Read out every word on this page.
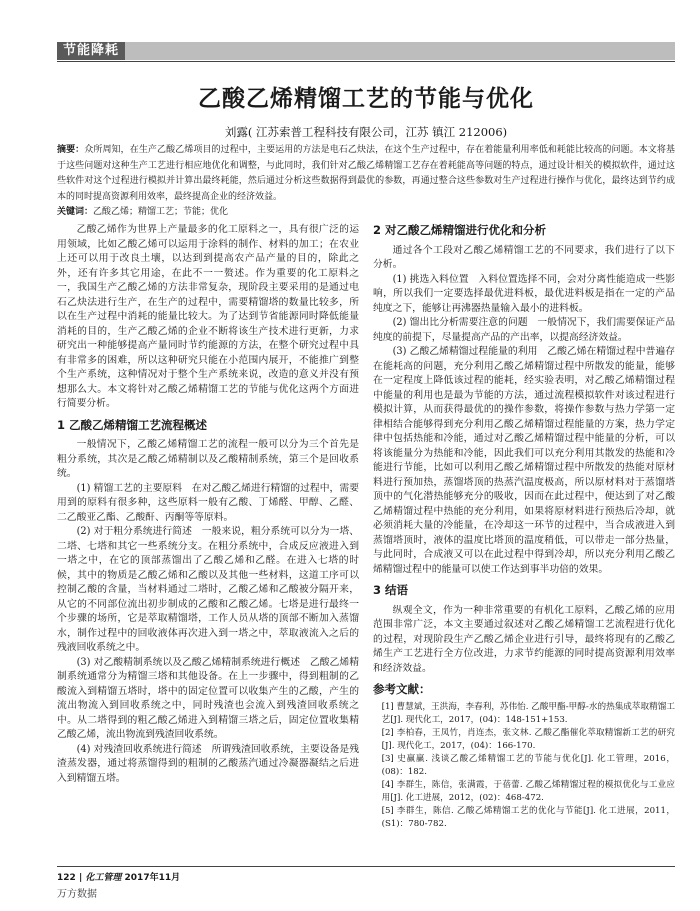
节能降耗
乙酸乙烯精馏工艺的节能与优化
刘露( 江苏索普工程科技有限公司，江苏 镇江 212006)
摘要：众所周知，在生产乙酸乙烯项目的过程中，主要运用的方法是电石乙炔法，在这个生产过程中，存在着能量利用率低和耗能比较高的问题。本文将基于这些问题对这种生产工艺进行相应地优化和调整，与此同时，我们针对乙酸乙烯精馏工艺存在着耗能高等问题的特点，通过设计相关的模拟软件，通过这些软件对这个过程进行模拟并计算出最终耗能，然后通过分析这些数据得到最优的参数，再通过整合这些参数对生产过程进行操作与优化，最终达到节约成本的同时提高资源利用效率，最终提高企业的经济效益。
关键词：乙酸乙烯；精馏工艺；节能；优化

乙酸乙烯作为世界上产量最多的化工原料之一，具有很广泛的运用领域，比如乙酸乙烯可以运用于涂料的制作、材料的加工；在农业上还可以用于改良土壤，以达到到提高农产品产量的目的，除此之外，还有许多其它用途，在此不一一赘述。作为重要的化工原料之一，我国生产乙酸乙烯的方法非常复杂，现阶段主要采用的是通过电石乙炔法进行生产，在生产的过程中，需要精馏塔的数量比较多，所以在生产过程中消耗的能量比较大。为了达到节省能源同时降低能量消耗的目的，生产乙酸乙烯的企业不断将该生产技术进行更新，力求研究出一种能够提高产量同时节约能源的方法，在整个研究过程中具有非常多的困难，所以这种研究只能在小范围内展开，不能推广到整个生产系统，这种情况对于整个生产系统来说，改造的意义并没有预想那么大。本文将针对乙酸乙烯精馏工艺的节能与优化这两个方面进行简要分析。

1 乙酸乙烯精馏工艺流程概述

一般情况下，乙酸乙烯精馏工艺的流程一般可以分为三个首先是粗分系统，其次是乙酸乙烯精制以及乙酸精制系统，第三个是回收系统。

(1) 精馏工艺的主要原料　在对乙酸乙烯进行精馏的过程中，需要用到的原料有很多种，这些原料一般有乙酸、丁烯醛、甲醇、乙醛、二乙酸亚乙酯、乙酸酐、丙酮等等原料。

(2) 对于粗分系统进行简述　一般来说，粗分系统可以分为一塔、二塔、七塔和其它一些系统分支。在粗分系统中，合成反应液进入到一塔之中，在它的顶部蒸馏出了乙酸乙烯和乙醛。在进入七塔的时候，其中的物质是乙酸乙烯和乙酸以及其他一些材料，这道工序可以控制乙酸的含量，当材料通过二塔时，乙酸乙烯和乙酸被分隔开来，从它的不同部位流出初步制成的乙酸和乙酸乙烯。七塔是进行最终一个步骤的场所，它是萃取精馏塔，工作人员从塔的顶部不断加入蒸馏水，制作过程中的回收液体再次进入到一塔之中，萃取液流入之后的残液回收系统之中。

(3) 对乙酸精制系统以及乙酸乙烯精制系统进行概述　乙酸乙烯精制系统通常分为精馏三塔和其他设备。在上一步骤中，得到粗制的乙酸流入到精馏五塔时，塔中的固定位置可以收集产生的乙酸，产生的流出物流入到回收系统之中，同时残渣也会流入到残渣回收系统之中。从二塔得到的粗乙酸乙烯进入到精馏三塔之后，固定位置收集精乙酸乙烯，流出物流到残渣回收系统。

(4) 对残渣回收系统进行简述　所谓残渣回收系统，主要设备是残渣蒸发器，通过将蒸馏得到的粗制的乙酸蒸汽通过冷凝器凝结之后进入到精馏五塔。

2 对乙酸乙烯精馏进行优化和分析

通过各个工段对乙酸乙烯精馏工艺的不同要求，我们进行了以下分析。

(1) 挑选入料位置　入料位置选择不同，会对分离性能造成一些影响，所以我们一定要选择最优进料板，最优进料板是指在一定的产品纯度之下，能够让再沸器热量输入最小的进料板。

(2) 馏出比分析需要注意的问题　一般情况下，我们需要保证产品纯度的前提下，尽量提高产品的产出率，以提高经济效益。

(3) 乙酸乙烯精馏过程能量的利用　乙酸乙烯在精馏过程中普遍存在能耗高的问题，充分利用乙酸乙烯精馏过程中所散发的能量，能够在一定程度上降低该过程的能耗，经实验表明，对乙酸乙烯精馏过程中能量的利用也是最为节能的方法，通过流程模拟软件对该过程进行模拟计算，从而获得最优的的操作参数，将操作参数与热力学第一定律相结合能够得到充分利用乙酸乙烯精馏过程能量的方案，热力学定律中包括热能和冷能，通过对乙酸乙烯精馏过程中能量的分析，可以将该能量分为热能和冷能，因此我们可以充分利用其散发的热能和冷能进行节能，比如可以利用乙酸乙烯精馏过程中所散发的热能对原材料进行预加热，蒸馏塔顶的热蒸汽温度极高，所以原材料对于蒸馏塔顶中的气化潜热能够充分的吸收，因而在此过程中，便达到了对乙酸乙烯精馏过程中热能的充分利用，如果将原材料进行预热后冷却，就必须消耗大量的冷能量，在冷却这一环节的过程中，当合成液进入到蒸馏塔顶时，液体的温度比塔顶的温度稍低，可以带走一部分热量，与此同时，合成液又可以在此过程中得到冷却，所以充分利用乙酸乙烯精馏过程中的能量可以使工作达到事半功倍的效果。

3 结语

纵观全文，作为一种非常重要的有机化工原料，乙酸乙烯的应用范围非常广泛，本文主要通过叙述对乙酸乙烯精馏工艺流程进行优化的过程，对现阶段生产乙酸乙烯企业进行引导，最终将现有的乙酸乙烯生产工艺进行全方位改进，力求节约能源的同时提高资源利用效率和经济效益。

参考文献：

[1] 曹慧斌，王洪海，李春利，苏伟怡. 乙酸甲酯-甲醇-水的热集成萃取精馏工艺[J]. 现代化工，2017，(04)：148-151+153.

[2] 李柏春，王凤竹，肖连杰，张文林. 乙酸乙酯催化萃取精馏新工艺的研究[J]. 现代化工，2017，(04)：166-170.

[3] 史赢赢. 浅谈乙酸乙烯精馏工艺的节能与优化[J]. 化工管理，2016，(08)：182.

[4] 李群生，陈信，张满霞，于蓓蕾. 乙酸乙烯精馏过程的模拟优化与工业应用[J]. 化工进展，2012，(02)：468-472.

[5] 李群生，陈信. 乙酸乙烯精馏工艺的优化与节能[J]. 化工进展，2011，(S1)：780-782.

122 | 化工管理 2017年11月
万方数据
